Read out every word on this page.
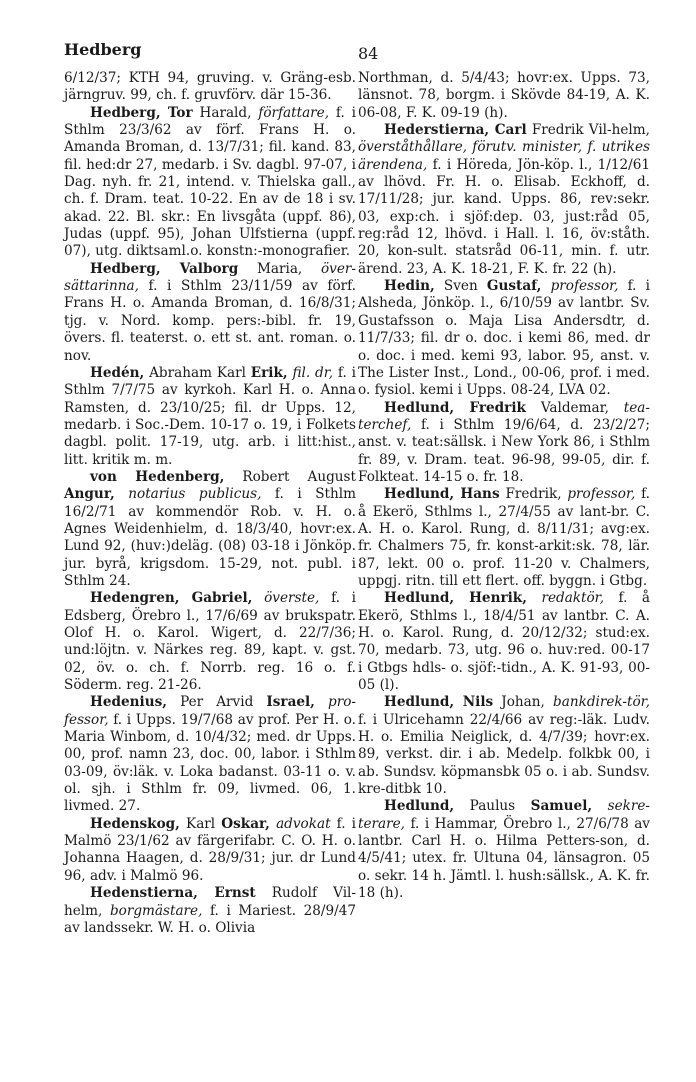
Hedberg	84

6/12/37; KTH 94, gruving. v. Gräng-esb. järngruv. 99, ch. f. gruvförv. där 15-36.

Hedberg, Tor Harald, författare, f. i Sthlm 23/3/62 av förf. Frans H. o. Amanda Broman, d. 13/7/31; fil. kand. 83, fil. hed:dr 27, medarb. i Sv. dagbl. 97-07, i Dag. nyh. fr. 21, intend. v. Thielska gall., ch. f. Dram. teat. 10-22. En av de 18 i sv. akad. 22. Bl. skr.: En livsgåta (uppf. 86), Judas (uppf. 95), Johan Ulfstierna (uppf. 07), utg. diktsaml.o. konstn:-monografier.

Hedberg, Valborg Maria, över-sättarinna, f. i Sthlm 23/11/59 av förf. Frans H. o. Amanda Broman, d. 16/8/31; tjg. v. Nord. komp. pers:-bibl. fr. 19, övers. fl. teaterst. o. ett st. ant. roman. o. nov.

Hedén, Abraham Karl Erik, fil. dr, f. i Sthlm 7/7/75 av kyrkoh. Karl H. o. Anna Ramsten, d. 23/10/25; fil. dr Upps. 12, medarb. i Soc.-Dem. 10-17 o. 19, i Folkets dagbl. polit. 17-19, utg. arb. i litt:hist., litt. kritik m. m.

von Hedenberg, Robert August Angur, notarius publicus, f. i Sthlm 16/2/71 av kommendör Rob. v. H. o. Agnes Weidenhielm, d. 18/3/40, hovr:ex. Lund 92, (huv:)deläg. (08) 03-18 i Jönköp. jur. byrå, krigsdom. 15-29, not. publ. i Sthlm 24.

Hedengren, Gabriel, överste, f. i Edsberg, Örebro l., 17/6/69 av brukspatr. Olof H. o. Karol. Wigert, d. 22/7/36; und:löjtn. v. Närkes reg. 89, kapt. v. gst. 02, öv. o. ch. f. Norrb. reg. 16 o. f. Söderm. reg. 21-26.

Hedenius, Per Arvid Israel, pro-fessor, f. i Upps. 19/7/68 av prof. Per H. o. Maria Winbom, d. 10/4/32; med. dr Upps. 00, prof. namn 23, doc. 00, labor. i Sthlm 03-09, öv:läk. v. Loka badanst. 03-11 o. v. ol. sjh. i Sthlm fr. 09, livmed. 06, 1. livmed. 27.

Hedenskog, Karl Oskar, advokat f. i Malmö 23/1/62 av färgerifabr. C. O. H. o. Johanna Haagen, d. 28/9/31; jur. dr Lund 96, adv. i Malmö 96.

Hedenstierna, Ernst Rudolf Vil-helm, borgmästare, f. i Mariest. 28/9/47 av landssekr. W. H. o. Olivia

Northman, d. 5/4/43; hovr:ex. Upps. 73, länsnot. 78, borgm. i Skövde 84-19, A. K. 06-08, F. K. 09-19 (h).

Hederstierna, Carl Fredrik Vil-helm, överståthållare, förutv. minister, f. utrikes ärendena, f. i Höreda, Jön-köp. l., 1/12/61 av lhövd. Fr. H. o. Elisab. Eckhoff, d. 17/11/28; jur. kand. Upps. 86, rev:sekr. 03, exp:ch. i sjöf:dep. 03, just:råd 05, reg:råd 12, lhövd. i Hall. l. 16, öv:ståth. 20, kon-sult. statsråd 06-11, min. f. utr. ärend. 23, A. K. 18-21, F. K. fr. 22 (h).

Hedin, Sven Gustaf, professor, f. i Alsheda, Jönköp. l., 6/10/59 av lantbr. Sv. Gustafsson o. Maja Lisa Andersdtr, d. 11/7/33; fil. dr o. doc. i kemi 86, med. dr o. doc. i med. kemi 93, labor. 95, anst. v. The Lister Inst., Lond., 00-06, prof. i med. o. fysiol. kemi i Upps. 08-24, LVA 02.

Hedlund, Fredrik Valdemar, tea-terchef, f. i Sthlm 19/6/64, d. 23/2/27; anst. v. teat:sällsk. i New York 86, i Sthlm fr. 89, v. Dram. teat. 96-98, 99-05, dir. f. Folkteat. 14-15 o. fr. 18.

Hedlund, Hans Fredrik, professor, f. å Ekerö, Sthlms l., 27/4/55 av lant-br. C. A. H. o. Karol. Rung, d. 8/11/31; avg:ex. fr. Chalmers 75, fr. konst-arkit:sk. 78, lär. 87, lekt. 00 o. prof. 11-20 v. Chalmers, uppgj. ritn. till ett flert. off. byggn. i Gtbg.

Hedlund, Henrik, redaktör, f. å Ekerö, Sthlms l., 18/4/51 av lantbr. C. A. H. o. Karol. Rung, d. 20/12/32; stud:ex. 70, medarb. 73, utg. 96 o. huv:red. 00-17 i Gtbgs hdls- o. sjöf:-tidn., A. K. 91-93, 00-05 (l).

Hedlund, Nils Johan, bankdirek-tör, f. i Ulricehamn 22/4/66 av reg:-läk. Ludv. H. o. Emilia Neiglick, d. 4/7/39; hovr:ex. 89, verkst. dir. i ab. Medelp. folkbk 00, i ab. Sundsv. köpmansbk 05 o. i ab. Sundsv. kre-ditbk 10.

Hedlund, Paulus Samuel, sekre-terare, f. i Hammar, Örebro l., 27/6/78 av lantbr. Carl H. o. Hilma Petters-son, d. 4/5/41; utex. fr. Ultuna 04, länsagron. 05 o. sekr. 14 h. Jämtl. l. hush:sällsk., A. K. fr. 18 (h).
